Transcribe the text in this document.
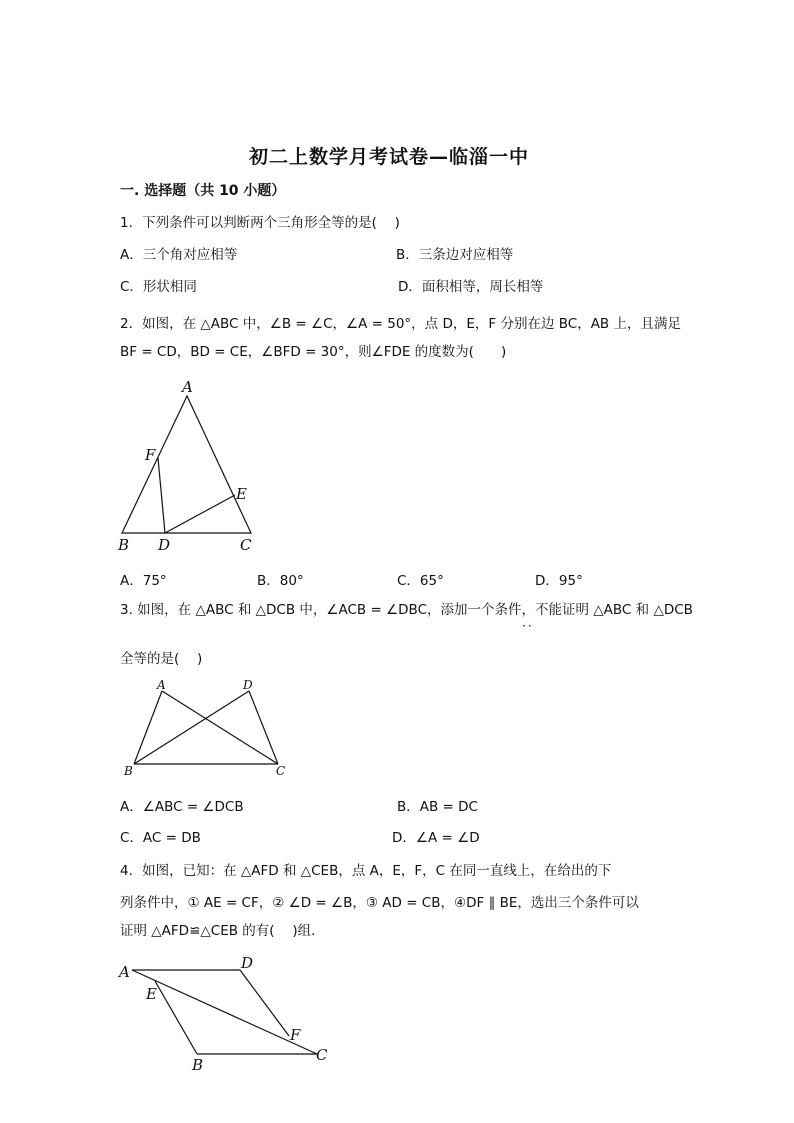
初二上数学月考试卷—临淄一中
一. 选择题（共 10 小题）
1．下列条件可以判断两个三角形全等的是(　 )
A．三个角对应相等	B．三条边对应相等
C．形状相同	D．面积相等，周长相等
2．如图，在 △ABC 中，∠B = ∠C，∠A = 50°，点 D，E，F 分别在边 BC，AB 上，且满足
BF = CD，BD = CE，∠BFD = 30°，则∠FDE 的度数为(　　)
A
F
E
B D	C
A．75°	B．80°	C．65°	D．95°
3. 如图，在 △ABC 和 △DCB 中，∠ACB = ∠DBC，添加一个条件，不能证明 △ABC 和 △DCB
··
全等的是(　 )
A	D
B	C
A．∠ABC = ∠DCB	B．AB = DC
C．AC = DB	D．∠A = ∠D
4．如图，已知：在 △AFD 和 △CEB，点 A，E，F，C 在同一直线上，在给出的下
列条件中，① AE = CF，② ∠D = ∠B，③ AD = CB，④DF ∥ BE，选出三个条件可以
证明 △AFD≌△CEB 的有(　 )组．
A	D
E
F
B
C
